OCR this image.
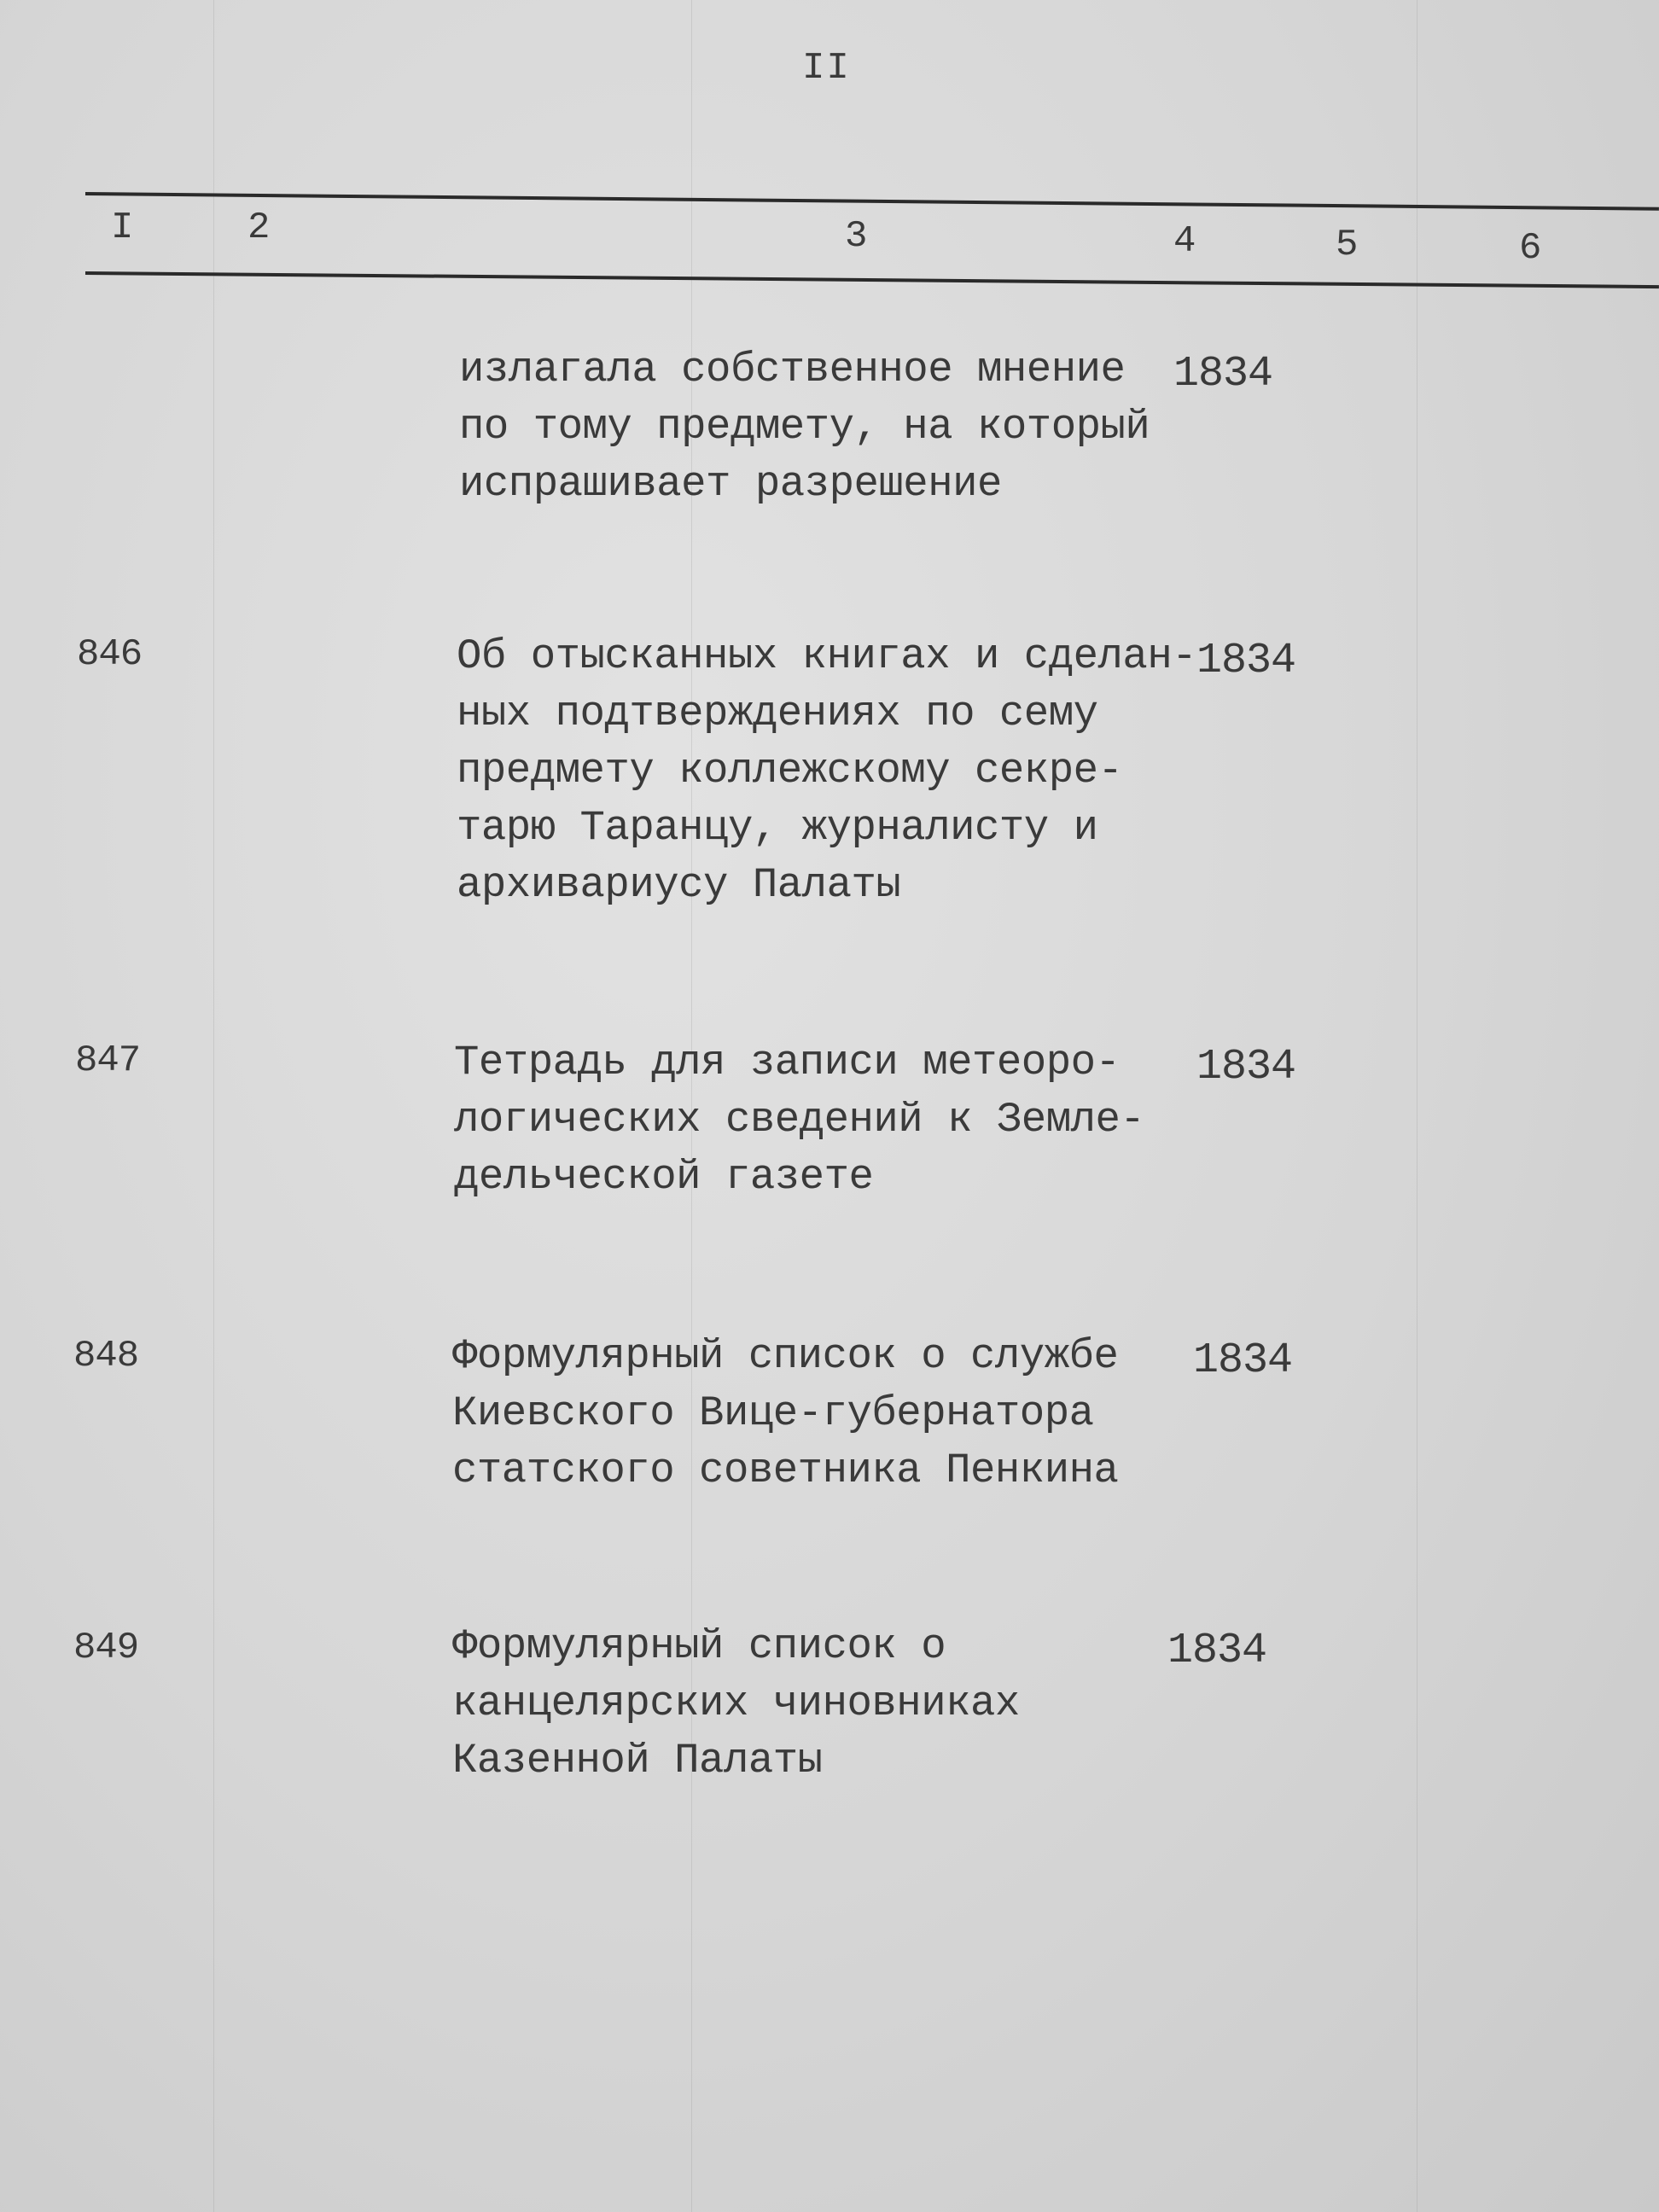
II
I	2	3	4	5	6
излагала собственное мнение
по тому предмету, на который
испрашивает разрешение
1834
846	Об отысканных книгах и сделан-
ных подтверждениях по сему
предмету коллежскому секре-
тарю Таранцу, журналисту и
архивариусу Палаты
1834
847	Тетрадь для записи метеоро-
логических сведений к Земле-
дельческой газете
1834
848	Формулярный список о службе
Киевского Вице-губернатора
статского советника Пенкина
1834
849	Формулярный список о
канцелярских чиновниках
Казенной Палаты
1834
